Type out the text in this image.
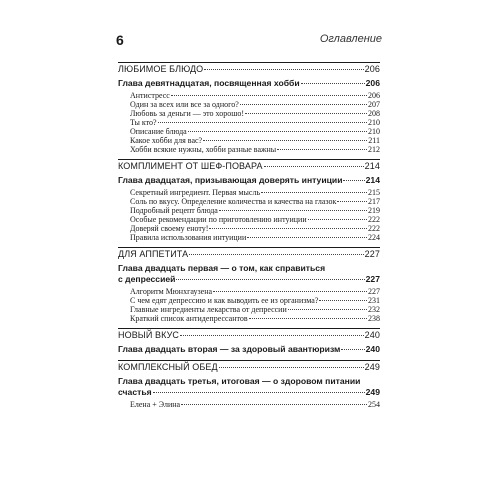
6	Оглавление
ЛЮБИМОЕ БЛЮДО	206
Глава девятнадцатая, посвященная хобби	206
Антистресс	206
Один за всех или все за одного?	207
Любовь за деньги — это хорошо!	208
Ты кто?	210
Описание блюда	210
Какое хобби для вас?	211
Хобби всякие нужны, хобби разные важны	212
КОМПЛИМЕНТ ОТ ШЕФ-ПОВАРА	214
Глава двадцатая, призывающая доверять интуиции	214
Секретный ингредиент. Первая мысль	215
Соль по вкусу. Определение количества и качества на глазок	217
Подробный рецепт блюда	219
Особые рекомендации по приготовлению интуиции	222
Доверяй своему еноту!	222
Правила использования интуиции	224
ДЛЯ АППЕТИТА	227
Глава двадцать первая — о том, как справиться
с депрессией	227
Алгоритм Мюнхгаузена	227
С чем едят депрессию и как выводить ее из организма?	231
Главные ингредиенты лекарства от депрессии	232
Краткий список антидепрессантов	238
НОВЫЙ ВКУС	240
Глава двадцать вторая — за здоровый авантюризм	240
КОМПЛЕКСНЫЙ ОБЕД	249
Глава двадцать третья, итоговая — о здоровом питании
счастья	249
Елена + Элина	254
